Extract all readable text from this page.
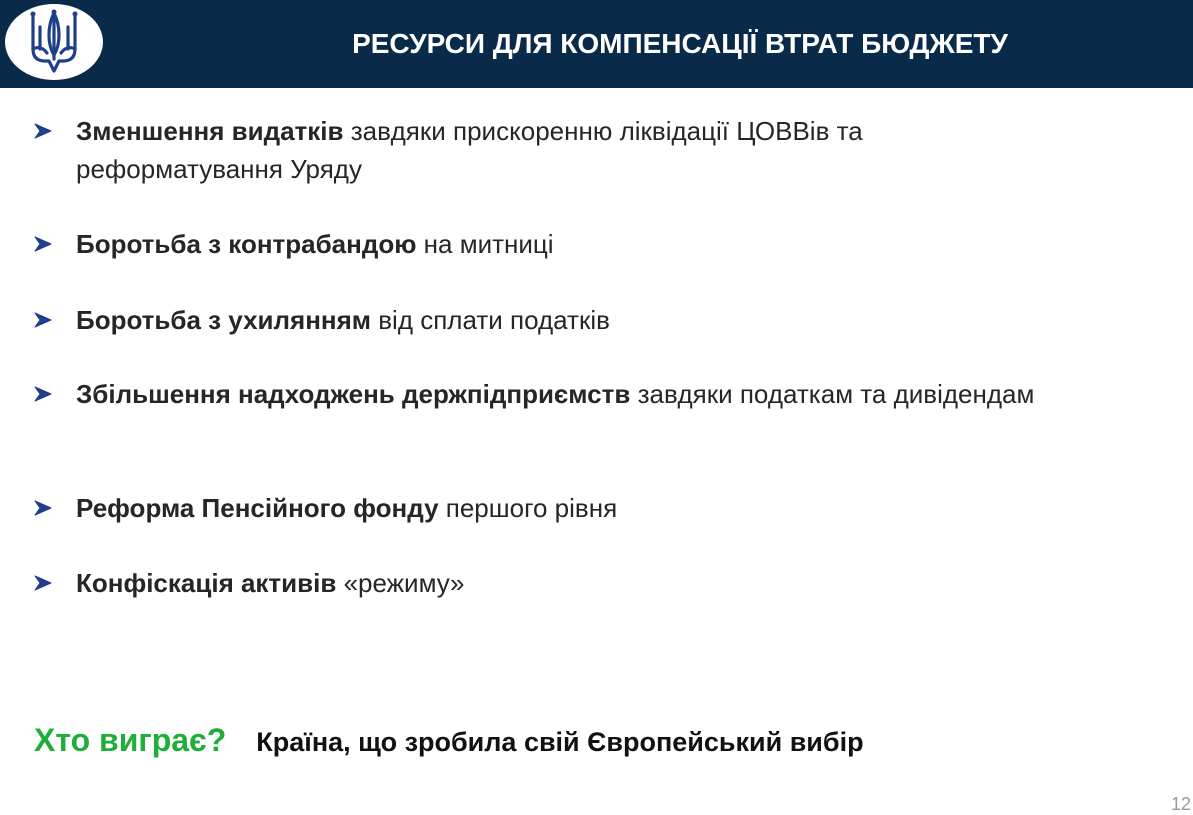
РЕСУРСИ ДЛЯ КОМПЕНСАЦІЇ ВТРАТ БЮДЖЕТУ
Зменшення видатків завдяки прискоренню ліквідації ЦОВВів та реформатування Уряду
Боротьба з контрабандою на митниці
Боротьба з ухилянням від сплати податків
Збільшення надходжень держпідприємств завдяки податкам та дивідендам
Реформа Пенсійного фонду першого рівня
Конфіскація активів «режиму»
Хто виграє? Країна, що зробила свій Європейський вибір
12
